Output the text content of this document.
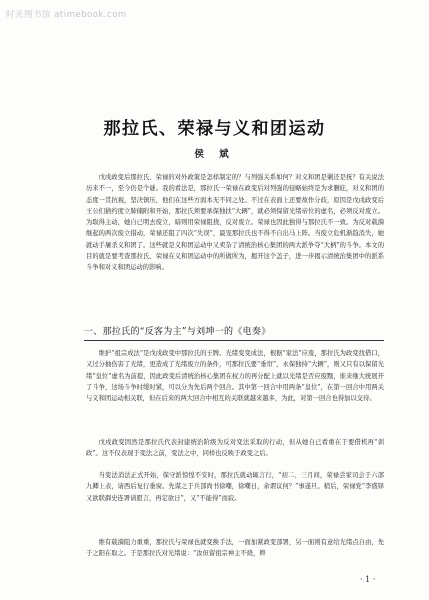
时光图书馆 atimebook.com
那拉氏、荣禄与义和团运动
侯 斌

戊戌政变后那拉氏、荣禄的对外政策是怎样制定的？与列强关系如何？对义和团是剿还是抚？有关说法历来不一，至今仍是个谜。我的看法是，那拉氏一荣禄在政变后对列强的侵略始终是为求删庇，对义和团的态度一贯抗视，坚决镇压，他们在这些方面本无不同之处。不过在表面上还要故作分歧，原因是戊戌政变后王公们猜约度立肺储附和开始，那拉氏须要承保独扶“大辆”，就必须保留光绪帝位的虚名，必须反对废立。为取得主动，她自已明去废立，暗则用荣禄阻挠，反对废立。荣禄也因此独得与那拉氏不一致。为反对载漪继起的两次废立措动，荣禄还阻了四次“失误”，最宠那拉氏也不得不自出马上阵。当废立危机渐趋消失，她就动手屠杀义和团了。这些就是义和团运动中又卖杂了清统治核心集团的两大派争夺“大柄”的斗争。本文的目的就是要考查那拉氏、荣禄在义和团运动中的所做所为，揭开这个盖子，进一步揭示清统治集团中的派系斗争和对义和团运动的影响。

一、那拉氏的“反客为主”与刘坤一的《电奏》

维护“祖宗成法”是戊戌政变中那拉氏的王牌。光绪变变成法，根据“家法”应废，那拉氏为政变找借口，又过分抽伤害了光绪，更造成了光绪废立的条件，可那拉氏要“垂帘”，永保独持“大辆”，则又只有以保留光绪“皇位”虚名为前提，因此政变后清统治核心集团在权力的再分配上就以光绪是否应废黜，谁来继大统展开了斗争，这场斗争时缓时紧，可以分为先后两个回合。其中第一回合中用两条“皇位”，在第一回合中用两关与义和团运动相关联，但在后来的两大回合中相互的关联就越来越多，为此，对第一回合也得加以交待。

戊戌政变固然是那拉氏代表封建统治阶级为反对变法采取的行动，但从她自已看重在于要借机再“训政”。这不仅表现于变法之前，变法之中，同样也反映于政变之后。

当变法消法正式开始，保守派惊惶不安时，那拉氏就动辄言行，“初二、三月间，荣禄尝家司会于六部九卿上表，请西后复行垂窗。先谋之于兵部尚书徐嘲，徐嘲日，余谓议何？”事遂旦。稍后，荣禄党“李盛铎又欲联御史连署请愿言，再定欲日”，又“不能得”而寂。

维有载漪阻力重重，那拉氏与荣禄也就变换手法，一面加紧政变部署，另一面则有意给光绪点自由，先于之阳在取之。于是那拉氏对光绪说：“汝但留祖宗神主不烧，辫

· 1 ·
